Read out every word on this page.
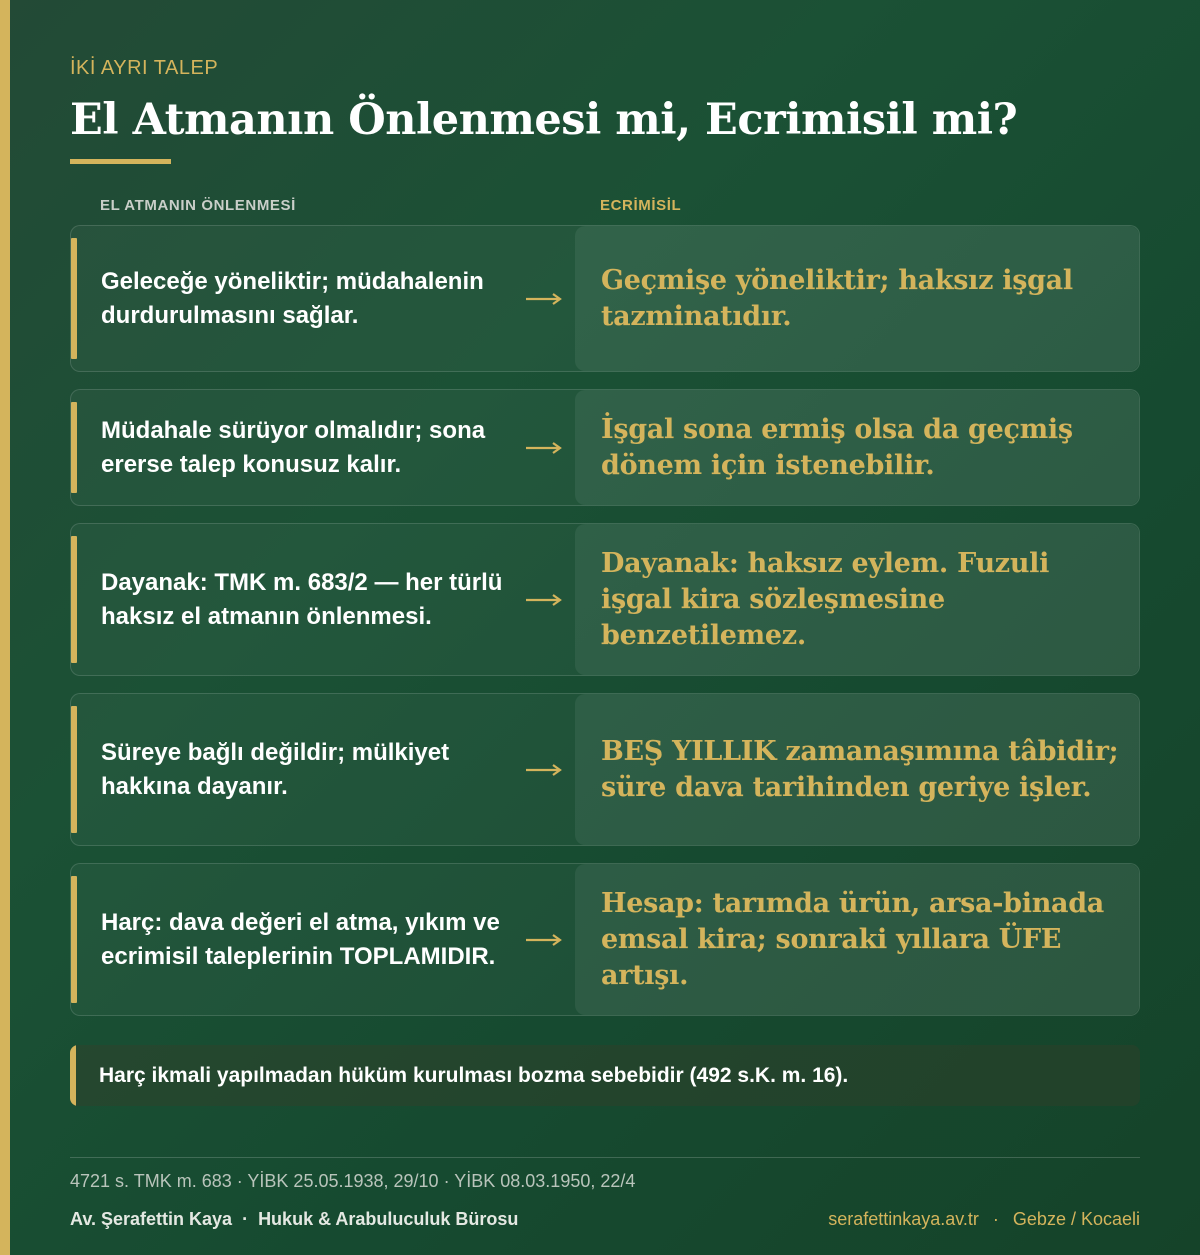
İKİ AYRI TALEP
El Atmanın Önlenmesi mi, Ecrimisil mi?
EL ATMANIN ÖNLENMESİ	ECRİMİSİL
Geleceğe yöneliktir; müdahalenin durdurulmasını sağlar.
Geçmişe yöneliktir; haksız işgal tazminatıdır.
Müdahale sürüyor olmalıdır; sona ererse talep konusuz kalır.
İşgal sona ermiş olsa da geçmiş dönem için istenebilir.
Dayanak: TMK m. 683/2 — her türlü haksız el atmanın önlenmesi.
Dayanak: haksız eylem. Fuzuli işgal kira sözleşmesine benzetilemez.
Süreye bağlı değildir; mülkiyet hakkına dayanır.
BEŞ YILLIK zamanaşımına tâbidir; süre dava tarihinden geriye işler.
Harç: dava değeri el atma, yıkım ve ecrimisil taleplerinin TOPLAMIDIR.
Hesap: tarımda ürün, arsa-binada emsal kira; sonraki yıllara ÜFE artışı.
Harç ikmali yapılmadan hüküm kurulması bozma sebebidir (492 s.K. m. 16).
4721 s. TMK m. 683 · YİBK 25.05.1938, 29/10 · YİBK 08.03.1950, 22/4
Av. Şerafettin Kaya · Hukuk & Arabuluculuk Bürosu	serafettinkaya.av.tr · Gebze / Kocaeli
